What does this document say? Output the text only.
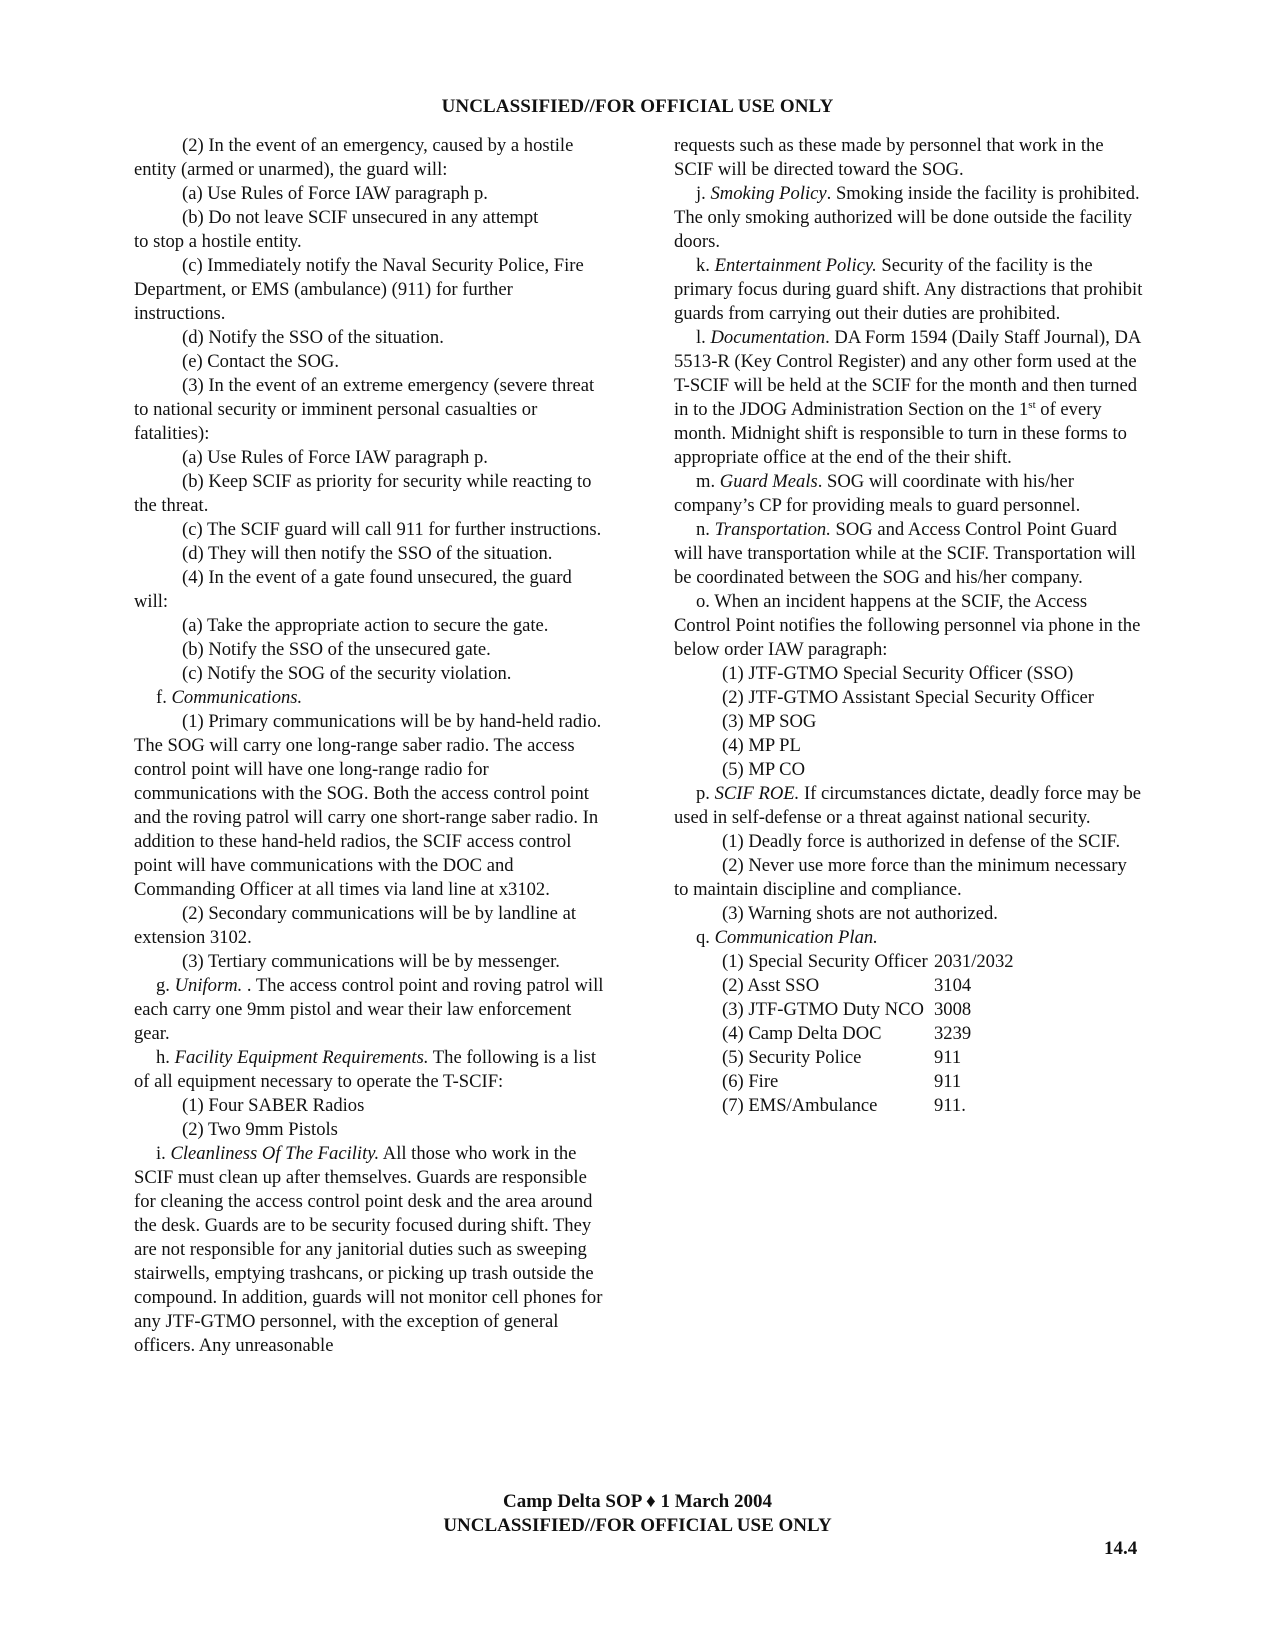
UNCLASSIFIED//FOR OFFICIAL USE ONLY

(2) In the event of an emergency, caused by a hostile entity (armed or unarmed), the guard will:

(a) Use Rules of Force IAW paragraph p.

(b) Do not leave SCIF unsecured in any attempt

to stop a hostile entity.

(c) Immediately notify the Naval Security Police, Fire Department, or EMS (ambulance) (911) for further instructions.

(d) Notify the SSO of the situation.

(e) Contact the SOG.

(3) In the event of an extreme emergency (severe threat to national security or imminent personal casualties or fatalities):

(a) Use Rules of Force IAW paragraph p.

(b) Keep SCIF as priority for security while reacting to the threat.

(c) The SCIF guard will call 911 for further instructions.

(d) They will then notify the SSO of the situation.

(4) In the event of a gate found unsecured, the guard will:

(a) Take the appropriate action to secure the gate.

(b) Notify the SSO of the unsecured gate.

(c) Notify the SOG of the security violation.

f. Communications.

(1) Primary communications will be by hand-held radio. The SOG will carry one long-range saber radio. The access control point will have one long-range radio for communications with the SOG. Both the access control point and the roving patrol will carry one short-range saber radio. In addition to these hand-held radios, the SCIF access control point will have communications with the DOC and Commanding Officer at all times via land line at x3102.

(2) Secondary communications will be by landline at extension 3102.

(3) Tertiary communications will be by messenger.

g. Uniform. . The access control point and roving patrol will each carry one 9mm pistol and wear their law enforcement gear.

h. Facility Equipment Requirements. The following is a list of all equipment necessary to operate the T-SCIF:

(1) Four SABER Radios

(2) Two 9mm Pistols

i. Cleanliness Of The Facility. All those who work in the SCIF must clean up after themselves. Guards are responsible for cleaning the access control point desk and the area around the desk. Guards are to be security focused during shift. They are not responsible for any janitorial duties such as sweeping stairwells, emptying trashcans, or picking up trash outside the compound. In addition, guards will not monitor cell phones for any JTF-GTMO personnel, with the exception of general officers. Any unreasonable

requests such as these made by personnel that work in the SCIF will be directed toward the SOG.

j. Smoking Policy. Smoking inside the facility is prohibited. The only smoking authorized will be done outside the facility doors.

k. Entertainment Policy. Security of the facility is the primary focus during guard shift. Any distractions that prohibit guards from carrying out their duties are prohibited.

l. Documentation. DA Form 1594 (Daily Staff Journal), DA 5513-R (Key Control Register) and any other form used at the T-SCIF will be held at the SCIF for the month and then turned in to the JDOG Administration Section on the 1st of every month. Midnight shift is responsible to turn in these forms to appropriate office at the end of the their shift.

m. Guard Meals. SOG will coordinate with his/her company’s CP for providing meals to guard personnel.

n. Transportation. SOG and Access Control Point Guard will have transportation while at the SCIF. Transportation will be coordinated between the SOG and his/her company.

o. When an incident happens at the SCIF, the Access Control Point notifies the following personnel via phone in the below order IAW paragraph:

(1) JTF-GTMO Special Security Officer (SSO)

(2) JTF-GTMO Assistant Special Security Officer

(3) MP SOG

(4) MP PL

(5) MP CO

p. SCIF ROE. If circumstances dictate, deadly force may be used in self-defense or a threat against national security.

(1) Deadly force is authorized in defense of the SCIF.

(2) Never use more force than the minimum necessary to maintain discipline and compliance.

(3) Warning shots are not authorized.

q. Communication Plan.

(1) Special Security Officer 2031/2032
(2) Asst SSO	3104
(3) JTF-GTMO Duty NCO 3008
(4) Camp Delta DOC	3239
(5) Security Police	911
(6) Fire	911
(7) EMS/Ambulance	911.
Camp Delta SOP ♦ 1 March 2004
UNCLASSIFIED//FOR OFFICIAL USE ONLY
14.4
